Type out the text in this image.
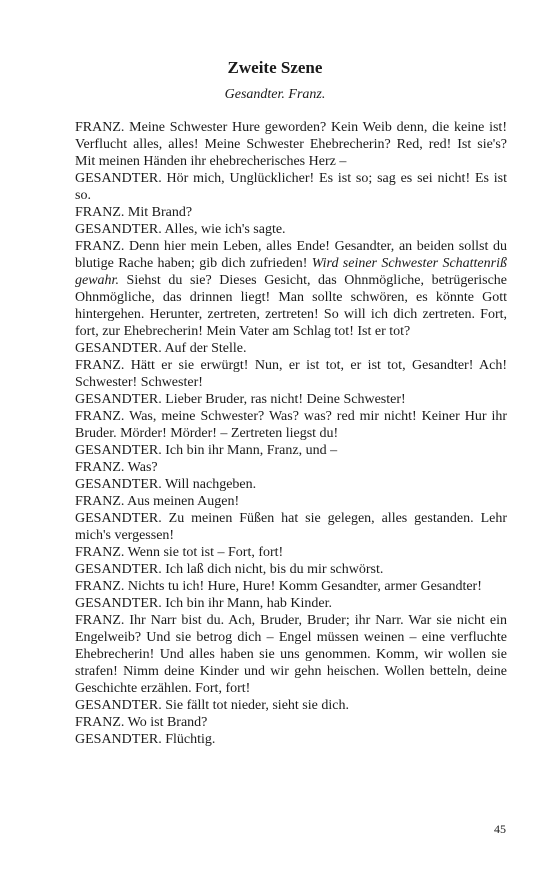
Zweite Szene

Gesandter. Franz.

FRANZ. Meine Schwester Hure geworden? Kein Weib denn, die keine ist! Verflucht alles, alles! Meine Schwester Ehebrecherin? Red, red! Ist sie's? Mit meinen Händen ihr ehebrecherisches Herz –

GESANDTER. Hör mich, Unglücklicher! Es ist so; sag es sei nicht! Es ist so.

FRANZ. Mit Brand?

GESANDTER. Alles, wie ich's sagte.

FRANZ. Denn hier mein Leben, alles Ende! Gesandter, an beiden sollst du blutige Rache haben; gib dich zufrieden! Wird seiner Schwester Schattenriß gewahr. Siehst du sie? Dieses Gesicht, das Ohnmögliche, betrügerische Ohnmögliche, das drinnen liegt! Man sollte schwören, es könnte Gott hintergehen. Herunter, zertreten, zertreten! So will ich dich zertreten. Fort, fort, zur Ehebrecherin! Mein Vater am Schlag tot! Ist er tot?

GESANDTER. Auf der Stelle.

FRANZ. Hätt er sie erwürgt! Nun, er ist tot, er ist tot, Gesandter! Ach! Schwester! Schwester!

GESANDTER. Lieber Bruder, ras nicht! Deine Schwester!

FRANZ. Was, meine Schwester? Was? was? red mir nicht! Keiner Hur ihr Bruder. Mörder! Mörder! – Zertreten liegst du!

GESANDTER. Ich bin ihr Mann, Franz, und –

FRANZ. Was?

GESANDTER. Will nachgeben.

FRANZ. Aus meinen Augen!

GESANDTER. Zu meinen Füßen hat sie gelegen, alles gestanden. Lehr mich's vergessen!

FRANZ. Wenn sie tot ist – Fort, fort!

GESANDTER. Ich laß dich nicht, bis du mir schwörst.

FRANZ. Nichts tu ich! Hure, Hure! Komm Gesandter, armer Gesandter!

GESANDTER. Ich bin ihr Mann, hab Kinder.

FRANZ. Ihr Narr bist du. Ach, Bruder, Bruder; ihr Narr. War sie nicht ein Engelweib? Und sie betrog dich – Engel müssen weinen – eine verfluchte Ehebrecherin! Und alles haben sie uns genommen. Komm, wir wollen sie strafen! Nimm deine Kinder und wir gehn heischen. Wollen betteln, deine Geschichte erzählen. Fort, fort!

GESANDTER. Sie fällt tot nieder, sieht sie dich.

FRANZ. Wo ist Brand?

GESANDTER. Flüchtig.

45
